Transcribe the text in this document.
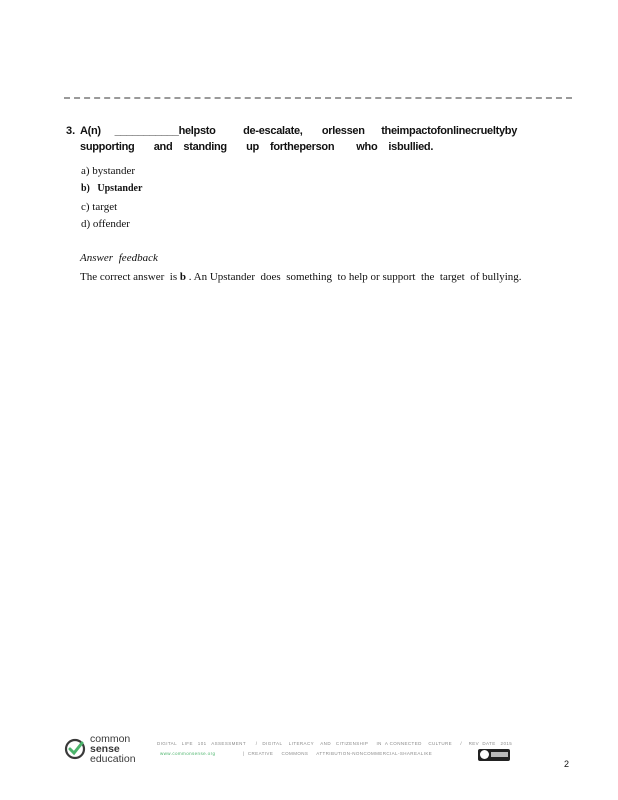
3. A(n)     ___________helpsto          de-escalate,       orlessen      theimpactofonlinecrueltyby
supporting       and    standing       up    fortheperson        who    isbullied.
a) bystander
b)   Upstander
c) target
d) offender
Answer feedback
The correct answer  is b . An Upstander  does  something  to help or support  the  target  of bullying.
common
sense
education
DIGITAL   LIFE   101   ASSESSMENT      /   DIGITAL    LITERACY    AND   CITIZENSHIP     IN  A CONNECTED    CULTURE     /    REV  DATE   2015
www.commonsense.org	|  CREATIVE     COMMONS     ATTRIBUTION-NONCOMMERCIAL-SHAREALIKE
2
